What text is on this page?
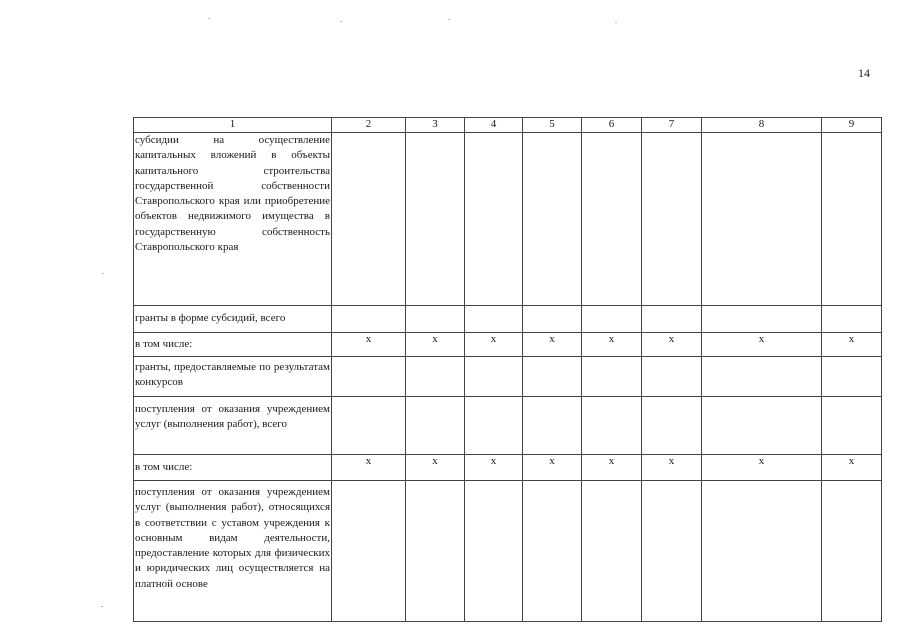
14
1	2	3	4	5	6	7	8	9
субсидии на осуществление капитальных вложений в объекты капитального строительства государственной собственности Ставропольского края или приобретение объектов недвижимого имущества в государственную собственность Ставропольского края								
гранты в форме субсидий, всего								
в том числе:	х	х	х	х	х	х	х	х
гранты, предоставляемые по результатам конкурсов								
поступления от оказания учреждением услуг (выполнения работ), всего								
в том числе:	х	х	х	х	х	х	х	х
поступления от оказания учреждением услуг (выполнения работ), относящихся в соответствии с уставом учреждения к основным видам деятельности, предоставление которых для физических и юридических лиц осуществляется на платной основе								
